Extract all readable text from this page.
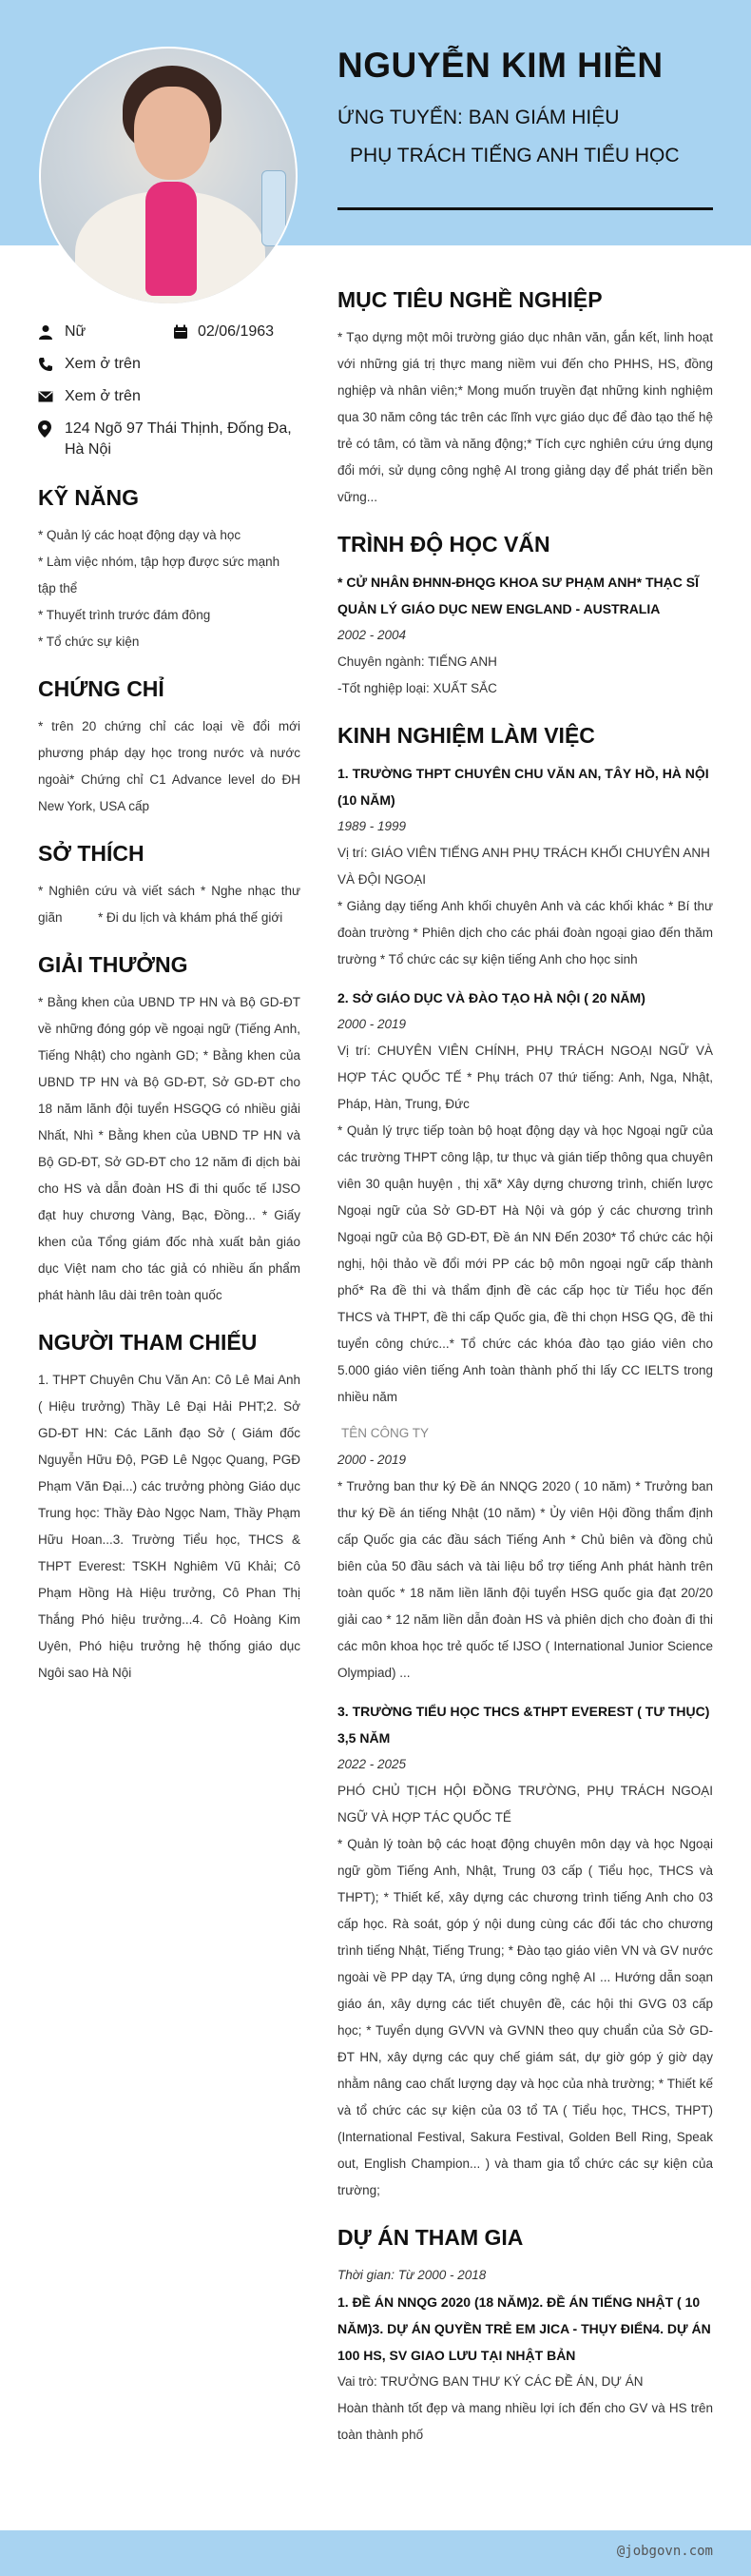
NGUYỄN KIM HIỀN
ỨNG TUYỂN: BAN GIÁM HIỆU
PHỤ TRÁCH TIẾNG ANH TIỂU HỌC
Nữ	02/06/1963
Xem ở trên
Xem ở trên
124 Ngõ 97 Thái Thịnh, Đống Đa, Hà Nội
KỸ NĂNG
* Quản lý các hoạt động dạy và học
* Làm việc nhóm, tập hợp được sức mạnh tập thể
* Thuyết trình trước đám đông
* Tổ chức sự kiện
CHỨNG CHỈ
* trên 20 chứng chỉ các loại về đổi mới phương pháp dạy học trong nước và nước ngoài* Chứng chỉ C1 Advance level do ĐH New York, USA cấp
SỞ THÍCH
* Nghiên cứu và viết sách * Nghe nhạc thư giãn          * Đi du lịch và khám phá thế giới
GIẢI THƯỞNG
* Bằng khen của UBND TP HN và Bộ GD-ĐT về những đóng góp về ngoại ngữ (Tiếng Anh, Tiếng Nhật) cho ngành GD; * Bằng khen của UBND TP HN và Bộ GD-ĐT, Sở GD-ĐT cho 18 năm lãnh đội tuyển HSGQG có nhiều giải Nhất, Nhì * Bằng khen của UBND TP HN và Bộ GD-ĐT, Sở GD-ĐT cho 12 năm đi dịch bài cho HS và dẫn đoàn HS đi thi quốc tế IJSO đạt huy chương Vàng, Bạc, Đồng... * Giấy khen của Tổng giám đốc nhà xuất bản giáo dục Việt nam cho tác giả có nhiều ấn phẩm phát hành lâu dài trên toàn quốc
NGƯỜI THAM CHIẾU
1. THPT Chuyên Chu Văn An: Cô Lê Mai Anh ( Hiệu trưởng) Thầy Lê Đại Hải PHT;2. Sở GD-ĐT HN: Các Lãnh đạo Sở ( Giám đốc Nguyễn Hữu Độ, PGĐ Lê Ngọc Quang, PGĐ Phạm Văn Đại...) các trưởng phòng Giáo dục Trung học: Thầy Đào Ngọc Nam, Thầy Phạm Hữu Hoan...3. Trường Tiểu học, THCS & THPT Everest: TSKH Nghiêm Vũ Khải; Cô Phạm Hồng Hà Hiệu trưởng, Cô Phan Thị Thắng Phó hiệu trưởng...4. Cô Hoàng Kim Uyên, Phó hiệu trưởng hệ thống giáo dục Ngôi sao Hà Nội
MỤC TIÊU NGHỀ NGHIỆP
* Tạo dựng một môi trường giáo dục nhân văn, gắn kết, linh hoạt với những giá trị thực mang niềm vui đến cho PHHS, HS, đồng nghiệp và nhân viên;* Mong muốn truyền đạt những kinh nghiệm qua 30 năm công tác trên các lĩnh vực giáo dục để đào tạo thế hệ trẻ có tâm, có tầm và năng động;* Tích cực nghiên cứu ứng dụng đổi mới, sử dụng công nghệ AI trong giảng dạy để phát triển bền vững...
TRÌNH ĐỘ HỌC VẤN
* CỬ NHÂN ĐHNN-ĐHQG KHOA SƯ PHẠM ANH* THẠC SĨ QUẢN LÝ GIÁO DỤC NEW ENGLAND - AUSTRALIA
2002 - 2004
Chuyên ngành: TIẾNG ANH
-Tốt nghiệp loại: XUẤT SẮC
KINH NGHIỆM LÀM VIỆC
1. TRƯỜNG THPT CHUYÊN CHU VĂN AN, TÂY HỒ, HÀ NỘI (10 NĂM)
1989 - 1999
Vị trí: GIÁO VIÊN TIẾNG ANH PHỤ TRÁCH KHỐI CHUYÊN ANH VÀ ĐỘI NGOẠI
* Giảng dạy tiếng Anh khối chuyên Anh và các khối khác * Bí thư đoàn trường * Phiên dịch cho các phái đoàn ngoại giao đến thăm trường * Tổ chức các sự kiện tiếng Anh cho học sinh
2. SỞ GIÁO DỤC VÀ ĐÀO TẠO HÀ NỘI ( 20 NĂM)
2000 - 2019
Vị trí: CHUYÊN VIÊN CHÍNH, PHỤ TRÁCH NGOẠI NGỮ VÀ HỢP TÁC QUỐC TẾ * Phụ trách 07 thứ tiếng: Anh, Nga, Nhật, Pháp, Hàn, Trung, Đức
* Quản lý trực tiếp toàn bộ hoạt động dạy và học Ngoại ngữ của các trường THPT công lập, tư thục và gián tiếp thông qua chuyên viên 30 quận huyện , thị xã* Xây dựng chương trình, chiến lược Ngoại ngữ của Sở GD-ĐT Hà Nội và góp ý các chương trình Ngoại ngữ của Bộ GD-ĐT, Đề án NN Đến 2030* Tổ chức các hội nghị, hội thảo về đổi mới PP các bộ môn ngoại ngữ cấp thành phố* Ra đề thi và thẩm định đề các cấp học từ Tiểu học đến THCS và THPT, đề thi cấp Quốc gia, đề thi chọn HSG QG, đề thi tuyển công chức...* Tổ chức các khóa đào tạo giáo viên cho 5.000 giáo viên tiếng Anh toàn thành phố thi lấy CC IELTS trong nhiều năm
TÊN CÔNG TY
2000 - 2019
* Trưởng ban thư ký Đề án NNQG 2020 ( 10 năm) * Trưởng ban thư ký Đề án tiếng Nhật (10 năm) * Ủy viên Hội đồng thẩm định cấp Quốc gia các đầu sách Tiếng Anh * Chủ biên và đồng chủ biên của 50 đầu sách và tài liệu bổ trợ tiếng Anh phát hành trên toàn quốc * 18 năm liền lãnh đội tuyển HSG quốc gia đạt 20/20 giải cao * 12 năm liền dẫn đoàn HS và phiên dịch cho đoàn đi thi các môn khoa học trẻ quốc tế IJSO ( International Junior Science Olympiad) ...
3. TRƯỜNG TIỂU HỌC THCS &THPT EVEREST ( TƯ THỤC) 3,5 NĂM
2022 - 2025
PHÓ CHỦ TỊCH HỘI ĐỒNG TRƯỜNG, PHỤ TRÁCH NGOẠI NGỮ VÀ HỢP TÁC QUỐC TẾ
* Quản lý toàn bộ các hoạt động chuyên môn dạy và học Ngoại ngữ gồm Tiếng Anh, Nhật, Trung 03 cấp ( Tiểu học, THCS và THPT); * Thiết kế, xây dựng các chương trình tiếng Anh cho 03 cấp học. Rà soát, góp ý nội dung cùng các đối tác cho chương trình tiếng Nhật, Tiếng Trung; * Đào tạo giáo viên VN và GV nước ngoài về PP dạy TA, ứng dụng công nghệ AI ... Hướng dẫn soạn giáo án, xây dựng các tiết chuyên đề, các hội thi GVG 03 cấp học; * Tuyển dụng GVVN và GVNN theo quy chuẩn của Sở GD-ĐT HN, xây dựng các quy chế giám sát, dự giờ góp ý giờ dạy nhằm nâng cao chất lượng dạy và học của nhà trường; * Thiết kế và tổ chức các sự kiện của 03 tổ TA ( Tiểu học, THCS, THPT) (International Festival, Sakura Festival, Golden Bell Ring, Speak out, English Champion... ) và tham gia tổ chức các sự kiện của trường;
DỰ ÁN THAM GIA
Thời gian: Từ 2000 - 2018
1. ĐỀ ÁN NNQG 2020 (18 NĂM)2. ĐỀ ÁN TIẾNG NHẬT ( 10 NĂM)3. DỰ ÁN QUYỀN TRẺ EM JICA - THỤY ĐIỂN4. DỰ ÁN 100 HS, SV GIAO LƯU TẠI NHẬT BẢN
Vai trò: TRƯỞNG BAN THƯ KÝ CÁC ĐỀ ÁN, DỰ ÁN
Hoàn thành tốt đẹp và mang nhiều lợi ích đến cho GV và HS trên toàn thành phố
@jobgovn.com
